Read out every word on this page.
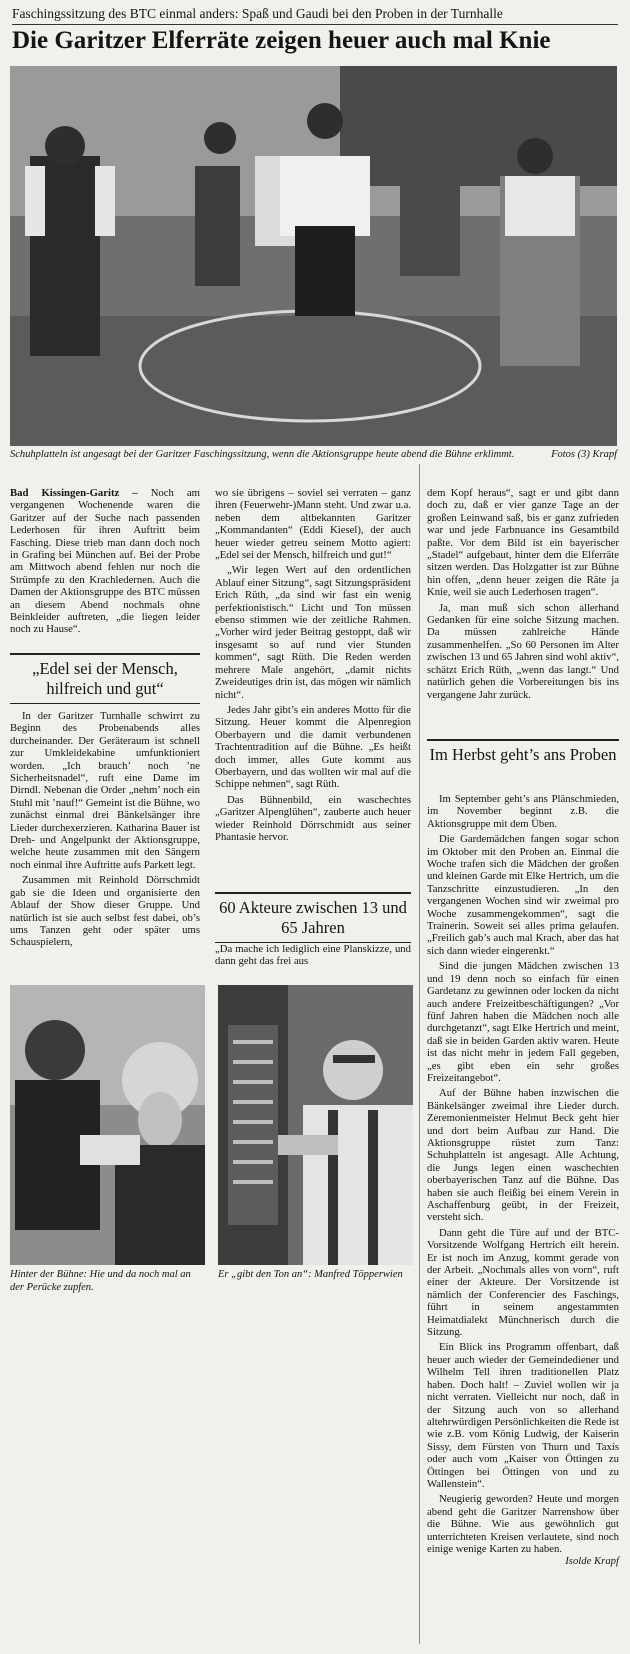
Faschingssitzung des BTC einmal anders: Spaß und Gaudi bei den Proben in der Turnhalle
Die Garitzer Elferräte zeigen heuer auch mal Knie
Schuhplatteln ist angesagt bei der Garitzer Faschingssitzung, wenn die Aktionsgruppe heute abend die Bühne erklimmt.	Fotos (3) Krapf

Bad Kissingen-Garitz – Noch am vergangenen Wochenende waren die Garitzer auf der Suche nach passenden Lederhosen für ihren Auftritt beim Fasching. Diese trieb man dann doch noch in Grafing bei München auf. Bei der Probe am Mittwoch abend fehlen nur noch die Strümpfe zu den Krachledernen. Auch die Damen der Aktionsgruppe des BTC müssen an diesem Abend nochmals ohne Beinkleider auftreten, „die liegen leider noch zu Hause“.

„Edel sei der Mensch, hilfreich und gut“

In der Garitzer Turnhalle schwirrt zu Beginn des Probenabends alles durcheinander. Der Geräteraum ist schnell zur Umkleidekabine umfunktioniert worden. „Ich brauch’ noch ’ne Sicherheitsnadel“, ruft eine Dame im Dirndl. Nebenan die Order „nehm’ noch ein Stuhl mit ’nauf!“ Gemeint ist die Bühne, wo zunächst einmal drei Bänkelsänger ihre Lieder durchexerzieren. Katharina Bauer ist Dreh- und Angelpunkt der Aktionsgruppe, welche heute zusammen mit den Sängern noch einmal ihre Auftritte aufs Parkett legt.

Zusammen mit Reinhold Dörrschmidt gab sie die Ideen und organisierte den Ablauf der Show dieser Gruppe. Und natürlich ist sie auch selbst fest dabei, ob’s ums Tanzen geht oder später ums Schauspielern,

wo sie übrigens – soviel sei verraten – ganz ihren (Feuerwehr-)Mann steht. Und zwar u.a. neben dem altbekannten Garitzer „Kommandanten“ (Eddi Kiesel), der auch heuer wieder getreu seinem Motto agiert: „Edel sei der Mensch, hilfreich und gut!“

„Wir legen Wert auf den ordentlichen Ablauf einer Sitzung“, sagt Sitzungspräsident Erich Rüth, „da sind wir fast ein wenig perfektionistisch.“ Licht und Ton müssen ebenso stimmen wie der zeitliche Rahmen. „Vorher wird jeder Beitrag gestoppt, daß wir insgesamt so auf rund vier Stunden kommen“, sagt Rüth. Die Reden werden mehrere Male angehört, „damit nichts Zweideutiges drin ist, das mögen wir nämlich nicht“.

Jedes Jahr gibt’s ein anderes Motto für die Sitzung. Heuer kommt die Alpenregion Oberbayern und die damit verbundenen Trachtentradition auf die Bühne. „Es heißt doch immer, alles Gute kommt aus Oberbayern, und das wollten wir mal auf die Schippe nehmen“, sagt Rüth.

Das Bühnenbild, ein waschechtes „Garitzer Alpenglühen“, zauberte auch heuer wieder Reinhold Dörrschmidt aus seiner Phantasie hervor.

60 Akteure zwischen 13 und 65 Jahren

„Da mache ich lediglich eine Planskizze, und dann geht das frei aus

Hinter der Bühne: Hie und da noch mal an der Perücke zupfen.
Er „gibt den Ton an“: Manfred Töpperwien

dem Kopf heraus“, sagt er und gibt dann doch zu, daß er vier ganze Tage an der großen Leinwand saß, bis er ganz zufrieden war und jede Farbnuance ins Gesamtbild paßte. Vor dem Bild ist ein bayerischer „Stadel“ aufgebaut, hinter dem die Elferräte sitzen werden. Das Holzgatter ist zur Bühne hin offen, „denn heuer zeigen die Räte ja Knie, weil sie auch Lederhosen tragen“.

Ja, man muß sich schon allerhand Gedanken für eine solche Sitzung machen. Da müssen zahlreiche Hände zusammenhelfen. „So 60 Personen im Alter zwischen 13 und 65 Jahren sind wohl aktiv“, schätzt Erich Rüth, „wenn das langt.“ Und natürlich gehen die Vorbereitungen bis ins vergangene Jahr zurück.

Im Herbst geht’s ans Proben

Im September geht’s ans Plänschmieden, im November beginnt z.B. die Aktionsgruppe mit dem Üben.

Die Gardemädchen fangen sogar schon im Oktober mit den Proben an. Einmal die Woche trafen sich die Mädchen der großen und kleinen Garde mit Elke Hertrich, um die Tanzschritte einzustudieren. „In den vergangenen Wochen sind wir zweimal pro Woche zusammengekommen“, sagt die Trainerin. Soweit sei alles prima gelaufen. „Freilich gab’s auch mal Krach, aber das hat sich dann wieder eingerenkt.“

Sind die jungen Mädchen zwischen 13 und 19 denn noch so einfach für einen Gardetanz zu gewinnen oder locken da nicht auch andere Freizeitbeschäftigungen? „Vor fünf Jahren haben die Mädchen noch alle durchgetanzt“, sagt Elke Hertrich und meint, daß sie in beiden Garden aktiv waren. Heute ist das nicht mehr in jedem Fall gegeben, „es gibt eben ein sehr großes Freizeitangebot“.

Auf der Bühne haben inzwischen die Bänkelsänger zweimal ihre Lieder durch. Zeremonienmeister Helmut Beck geht hier und dort beim Aufbau zur Hand. Die Aktionsgruppe rüstet zum Tanz: Schuhplatteln ist angesagt. Alle Achtung, die Jungs legen einen waschechten oberbayerischen Tanz auf die Bühne. Das haben sie auch fleißig bei einem Verein in Aschaffenburg geübt, in der Freizeit, versteht sich.

Dann geht die Türe auf und der BTC-Vorsitzende Wolfgang Hertrich eilt herein. Er ist noch im Anzug, kommt gerade von der Arbeit. „Nochmals alles von vorn“, ruft einer der Akteure. Der Vorsitzende ist nämlich der Conferencier des Faschings, führt in seinem angestammten Heimatdialekt Münchnerisch durch die Sitzung.

Ein Blick ins Programm offenbart, daß heuer auch wieder der Gemeindediener und Wilhelm Tell ihren traditionellen Platz haben. Doch halt! – Zuviel wollen wir ja nicht verraten. Vielleicht nur noch, daß in der Sitzung auch von so allerhand altehrwürdigen Persönlichkeiten die Rede ist wie z.B. vom König Ludwig, der Kaiserin Sissy, dem Fürsten von Thurn und Taxis oder auch vom „Kaiser von Öttingen zu Öttingen bei Öttingen von und zu Wallenstein“.

Neugierig geworden? Heute und morgen abend geht die Garitzer Narrenshow über die Bühne. Wie aus gewöhnlich gut unterrichteten Kreisen verlautete, sind noch einige wenige Karten zu haben.
Isolde Krapf
